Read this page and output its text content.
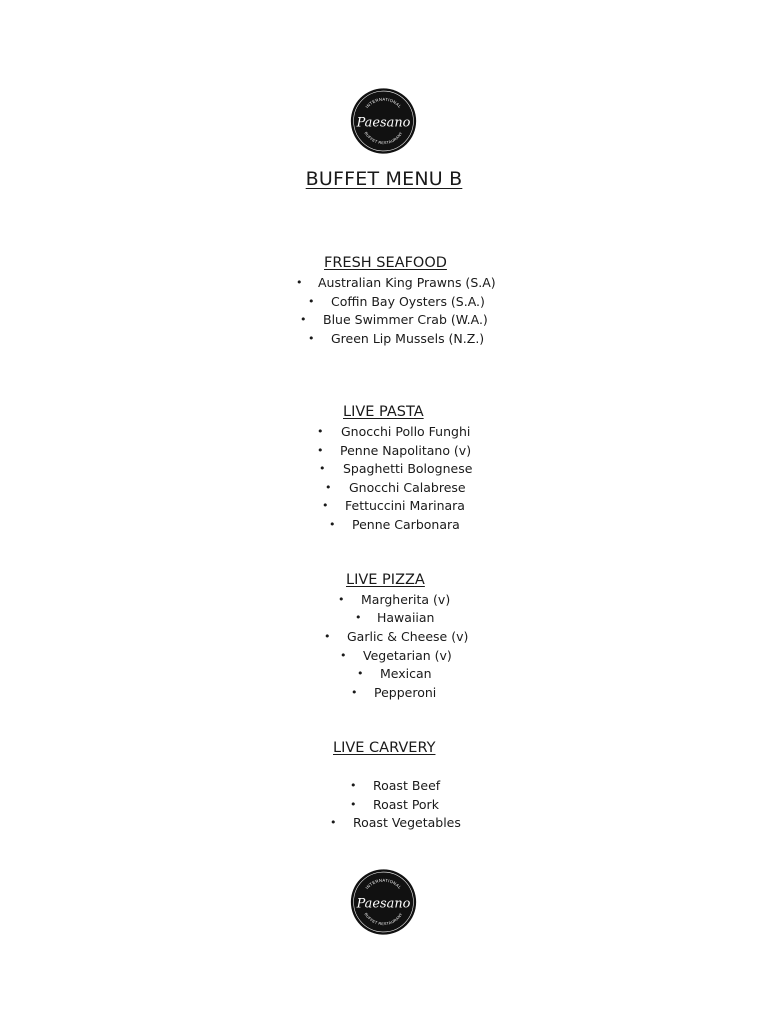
INTERNATIONAL
BUFFET RESTAURANT
Paesano
BUFFET MENU B
FRESH SEAFOOD
• Australian King Prawns (S.A)
• Coffin Bay Oysters (S.A.)
• Blue Swimmer Crab (W.A.)
• Green Lip Mussels (N.Z.)
LIVE PASTA
• Gnocchi Pollo Funghi
• Penne Napolitano (v)
• Spaghetti Bolognese
• Gnocchi Calabrese
• Fettuccini Marinara
• Penne Carbonara
LIVE PIZZA
• Margherita (v)
• Hawaiian
• Garlic & Cheese (v)
• Vegetarian (v)
• Mexican
• Pepperoni
LIVE CARVERY
• Roast Beef
• Roast Pork
• Roast Vegetables
INTERNATIONAL
BUFFET RESTAURANT
Paesano
